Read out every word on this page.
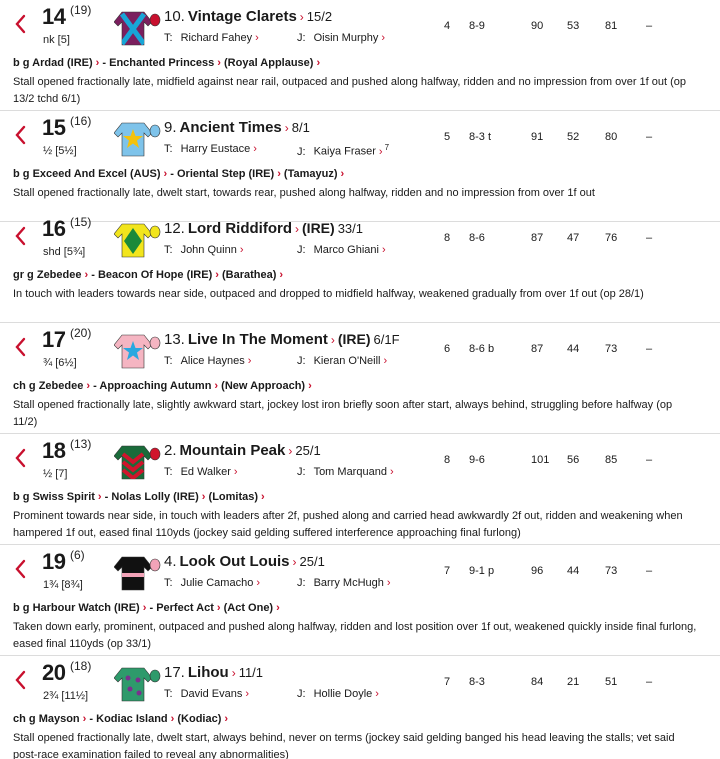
14 (19)
nk [5]
10. Vintage Clarets › 15/2
T: Richard Fahey ›	J: Oisin Murphy ›
4 8-9	90 53 81	–
b g Ardad (IRE) › - Enchanted Princess › (Royal Applause) ›
Stall opened fractionally late, midfield against near rail, outpaced and pushed along halfway, ridden and no impression from over 1f out (op 13/2 tchd 6/1)
15 (16)
½ [5½]
9. Ancient Times › 8/1
T: Harry Eustace ›	J: Kaiya Fraser › $^7$
5 8-3 t	91 52 80	–
b g Exceed And Excel (AUS) › - Oriental Step (IRE) › (Tamayuz) ›
Stall opened fractionally late, dwelt start, towards rear, pushed along halfway, ridden and no impression from over 1f out
16 (15)
shd [5¾]
12. Lord Riddiford › (IRE) 33/1
T: John Quinn ›	J: Marco Ghiani ›
8 8-6	87 47 76	–
gr g Zebedee › - Beacon Of Hope (IRE) › (Barathea) ›
In touch with leaders towards near side, outpaced and dropped to midfield halfway, weakened gradually from over 1f out (op 28/1)
17 (20)
¾ [6½]
13. Live In The Moment › (IRE) 6/1F
T: Alice Haynes ›	J: Kieran O'Neill ›
6 8-6 b	87 44 73	–
ch g Zebedee › - Approaching Autumn › (New Approach) ›
Stall opened fractionally late, slightly awkward start, jockey lost iron briefly soon after start, always behind, struggling before halfway (op 11/2)
18 (13)
½ [7]
2. Mountain Peak › 25/1
T: Ed Walker ›	J: Tom Marquand ›
8 9-6	101 56 85	–
b g Swiss Spirit › - Nolas Lolly (IRE) › (Lomitas) ›
Prominent towards near side, in touch with leaders after 2f, pushed along and carried head awkwardly 2f out, ridden and weakening when hampered 1f out, eased final 110yds (jockey said gelding suffered interference approaching final furlong)
19 (6)
1¾ [8¾]
4. Look Out Louis › 25/1
T: Julie Camacho ›	J: Barry McHugh ›
7 9-1 p	96 44 73	–
b g Harbour Watch (IRE) › - Perfect Act › (Act One) ›
Taken down early, prominent, outpaced and pushed along halfway, ridden and lost position over 1f out, weakened quickly inside final furlong, eased final 110yds (op 33/1)
20 (18)
2¾ [11½]
17. Lihou › 11/1
T: David Evans ›	J: Hollie Doyle ›
7 8-3	84 21 51	–
ch g Mayson › - Kodiac Island › (Kodiac) ›
Stall opened fractionally late, dwelt start, always behind, never on terms (jockey said gelding banged his head leaving the stalls; vet said post-race examination failed to reveal any abnormalities)
